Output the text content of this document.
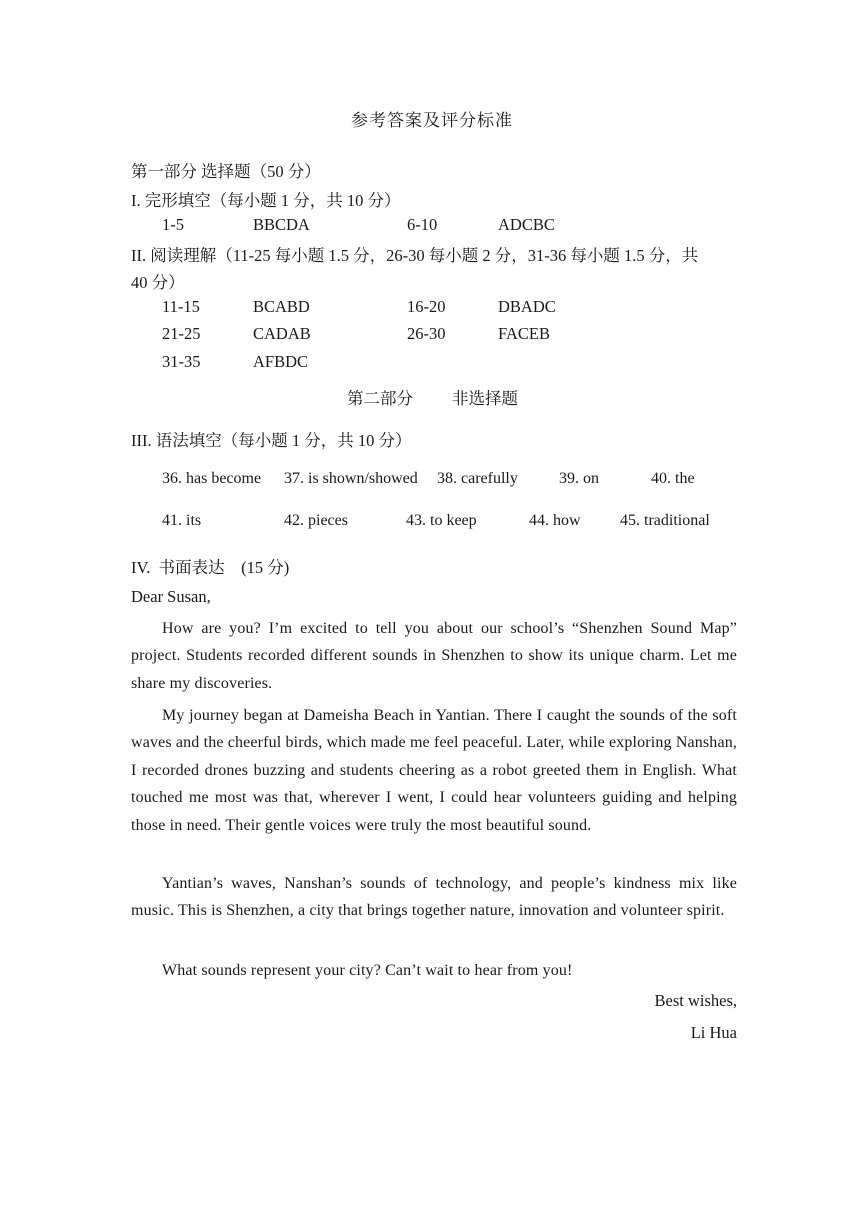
参考答案及评分标准
第一部分 选择题（50 分）
I. 完形填空（每小题 1 分，共 10 分）
1-5	BBCDA	6-10	ADCBC
II. 阅读理解（11-25 每小题 1.5 分，26-30 每小题 2 分，31-36 每小题 1.5 分，共
40 分）
11-15	BCABD	16-20	DBADC
21-25	CADAB	26-30	FACEB
31-35	AFBDC
第二部分 非选择题
III. 语法填空（每小题 1 分，共 10 分）
36. has become 37. is shown/showed 38. carefully	39. on	40. the
41. its	42. pieces	43. to keep	44. how 45. traditional
IV.  书面表达    (15 分)
Dear Susan,
How are you? I’m excited to tell you about our school’s “Shenzhen Sound Map” project. Students recorded different sounds in Shenzhen to show its unique charm. Let me share my discoveries.
My journey began at Dameisha Beach in Yantian. There I caught the sounds of the soft waves and the cheerful birds, which made me feel peaceful. Later, while exploring Nanshan, I recorded drones buzzing and students cheering as a robot greeted them in English. What touched me most was that, wherever I went, I could hear volunteers guiding and helping those in need. Their gentle voices were truly the most beautiful sound.
Yantian’s waves, Nanshan’s sounds of technology, and people’s kindness mix like music. This is Shenzhen, a city that brings together nature, innovation and volunteer spirit.
What sounds represent your city? Can’t wait to hear from you!
Best wishes,
Li Hua
